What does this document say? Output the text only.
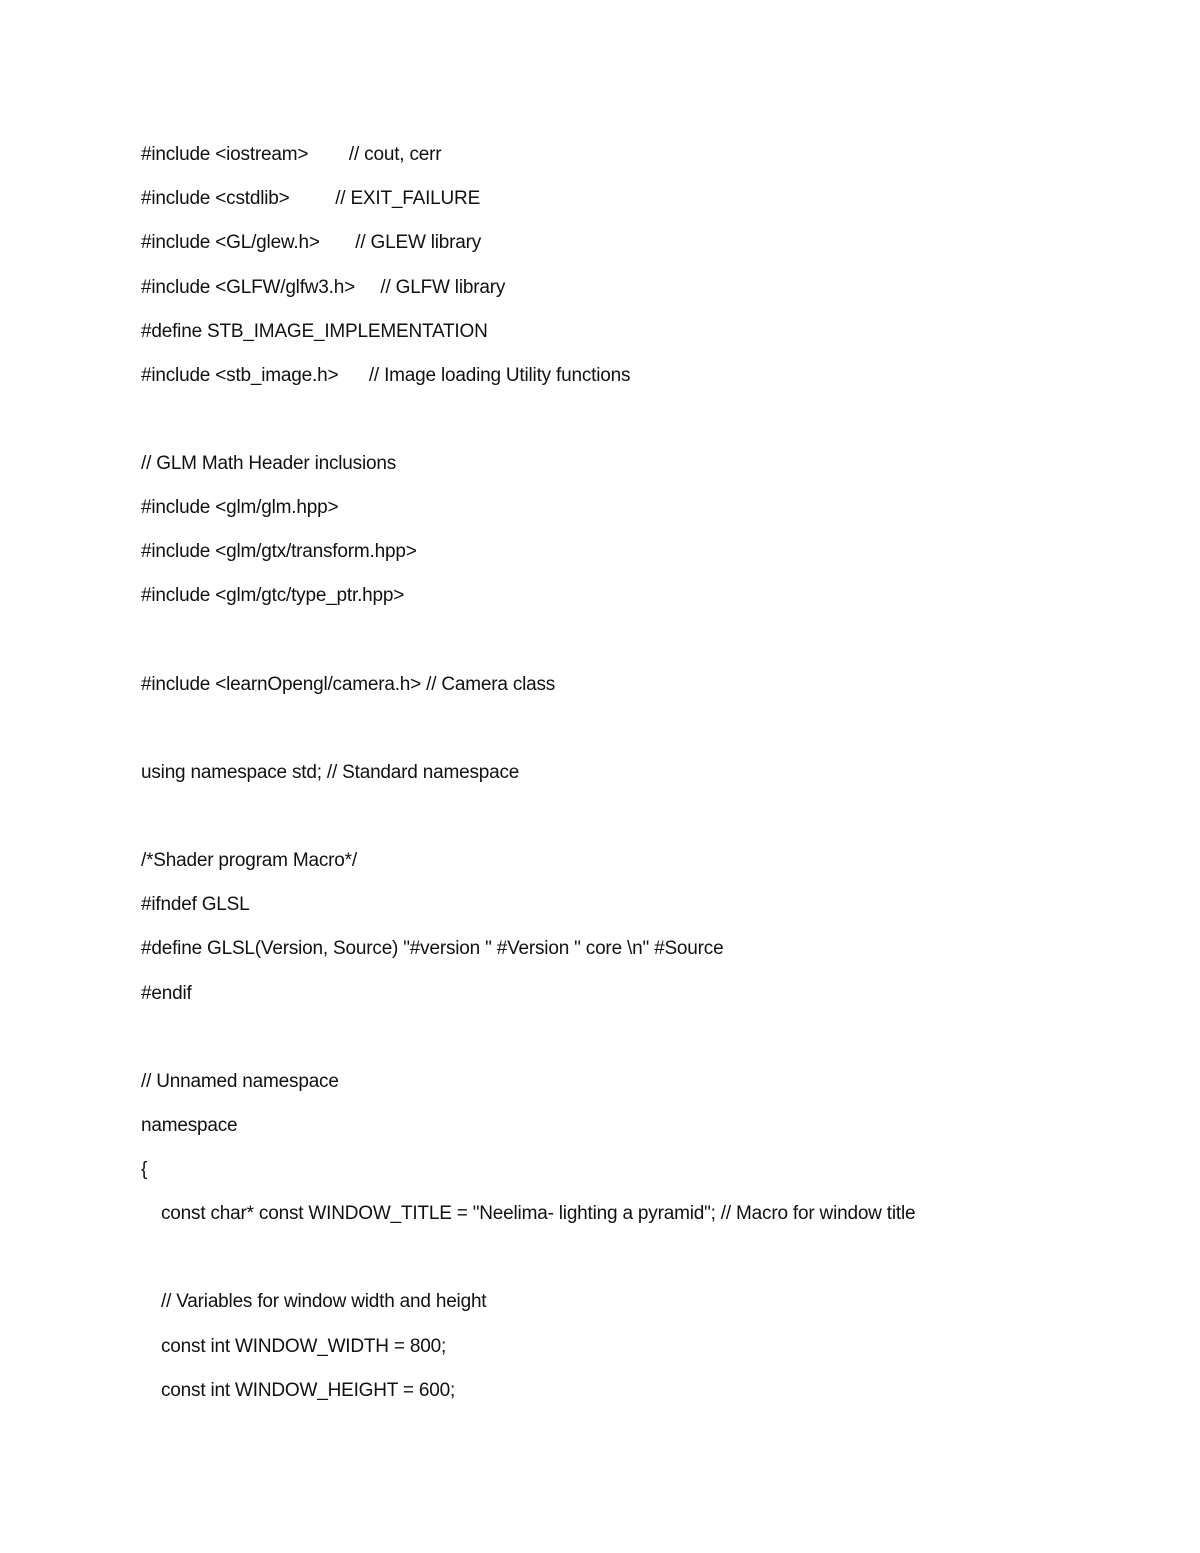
#include <iostream>        // cout, cerr
#include <cstdlib>         // EXIT_FAILURE
#include <GL/glew.h>       // GLEW library
#include <GLFW/glfw3.h>     // GLFW library
#define STB_IMAGE_IMPLEMENTATION
#include <stb_image.h>      // Image loading Utility functions
// GLM Math Header inclusions
#include <glm/glm.hpp>
#include <glm/gtx/transform.hpp>
#include <glm/gtc/type_ptr.hpp>
#include <learnOpengl/camera.h> // Camera class
using namespace std; // Standard namespace
/*Shader program Macro*/
#ifndef GLSL
#define GLSL(Version, Source) "#version " #Version " core \n" #Source
#endif
// Unnamed namespace
namespace
{
const char* const WINDOW_TITLE = "Neelima- lighting a pyramid"; // Macro for window title
// Variables for window width and height
const int WINDOW_WIDTH = 800;
const int WINDOW_HEIGHT = 600;
